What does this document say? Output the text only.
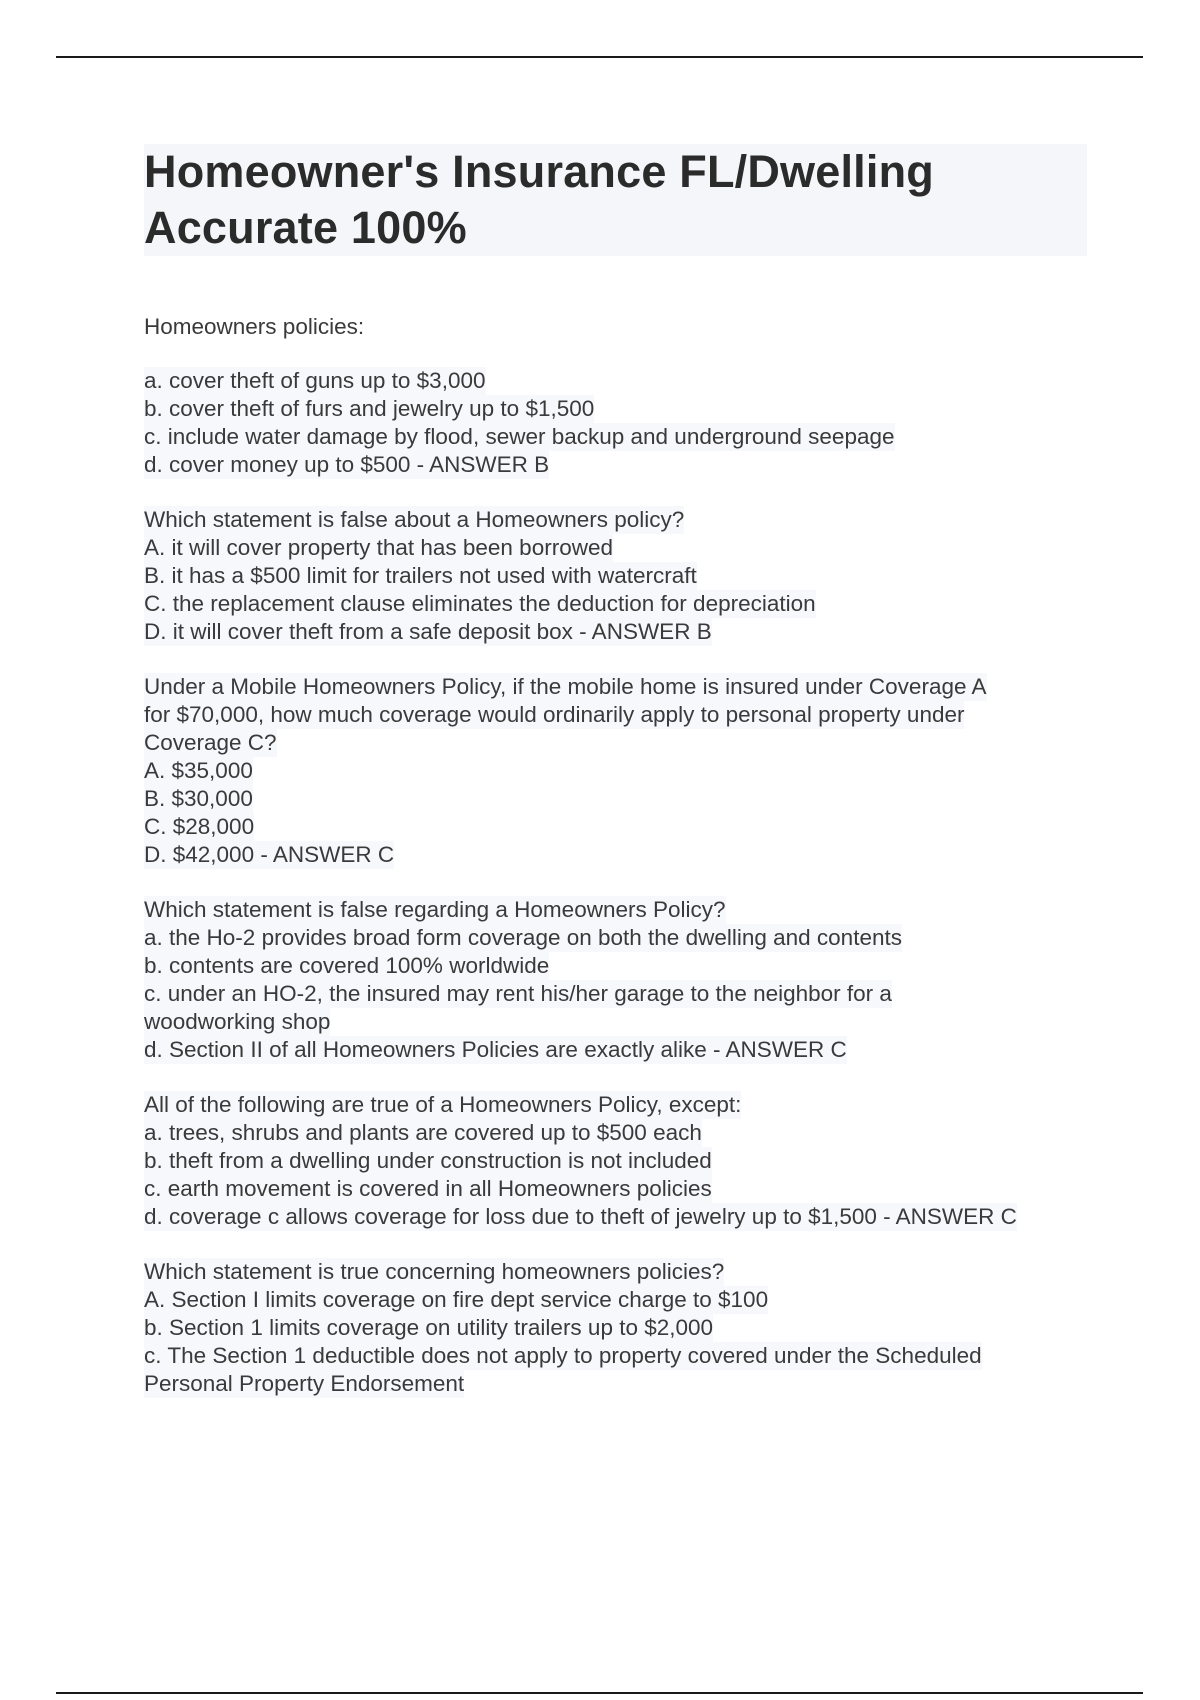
Homeowner's Insurance FL/Dwelling
Accurate 100%

Homeowners policies:

a. cover theft of guns up to $3,000
b. cover theft of furs and jewelry up to $1,500
c. include water damage by flood, sewer backup and underground seepage
d. cover money up to $500 - ANSWER B
Which statement is false about a Homeowners policy?
A. it will cover property that has been borrowed
B. it has a $500 limit for trailers not used with watercraft
C. the replacement clause eliminates the deduction for depreciation
D. it will cover theft from a safe deposit box - ANSWER B
Under a Mobile Homeowners Policy, if the mobile home is insured under Coverage A
for $70,000, how much coverage would ordinarily apply to personal property under
Coverage C?
A. $35,000
B. $30,000
C. $28,000
D. $42,000 - ANSWER C
Which statement is false regarding a Homeowners Policy?
a. the Ho-2 provides broad form coverage on both the dwelling and contents
b. contents are covered 100% worldwide
c. under an HO-2, the insured may rent his/her garage to the neighbor for a
woodworking shop
d. Section II of all Homeowners Policies are exactly alike - ANSWER C
All of the following are true of a Homeowners Policy, except:
a. trees, shrubs and plants are covered up to $500 each
b. theft from a dwelling under construction is not included
c. earth movement is covered in all Homeowners policies
d. coverage c allows coverage for loss due to theft of jewelry up to $1,500 - ANSWER C
Which statement is true concerning homeowners policies?
A. Section I limits coverage on fire dept service charge to $100
b. Section 1 limits coverage on utility trailers up to $2,000
c. The Section 1 deductible does not apply to property covered under the Scheduled
Personal Property Endorsement
